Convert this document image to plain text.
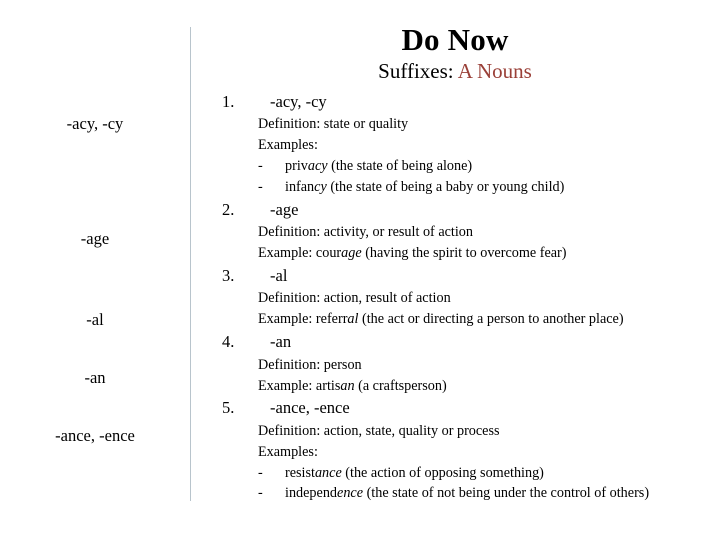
-acy, -cy
-age
-al
-an
-ance, -ence
Do Now
Suffixes: A Nouns
1. -acy, -cy
Definition: state or quality
Examples:
- privacy (the state of being alone)
- infancy (the state of being a baby or young child)
2. -age
Definition: activity, or result of action
Example: courage (having the spirit to overcome fear)
3. -al
Definition: action, result of action
Example: referral (the act or directing a person to another place)
4. -an
Definition: person
Example: artisan (a craftsperson)
5. -ance, -ence
Definition: action, state, quality or process
Examples:
- resistance (the action of opposing something)
- independence (the state of not being under the control of others)
